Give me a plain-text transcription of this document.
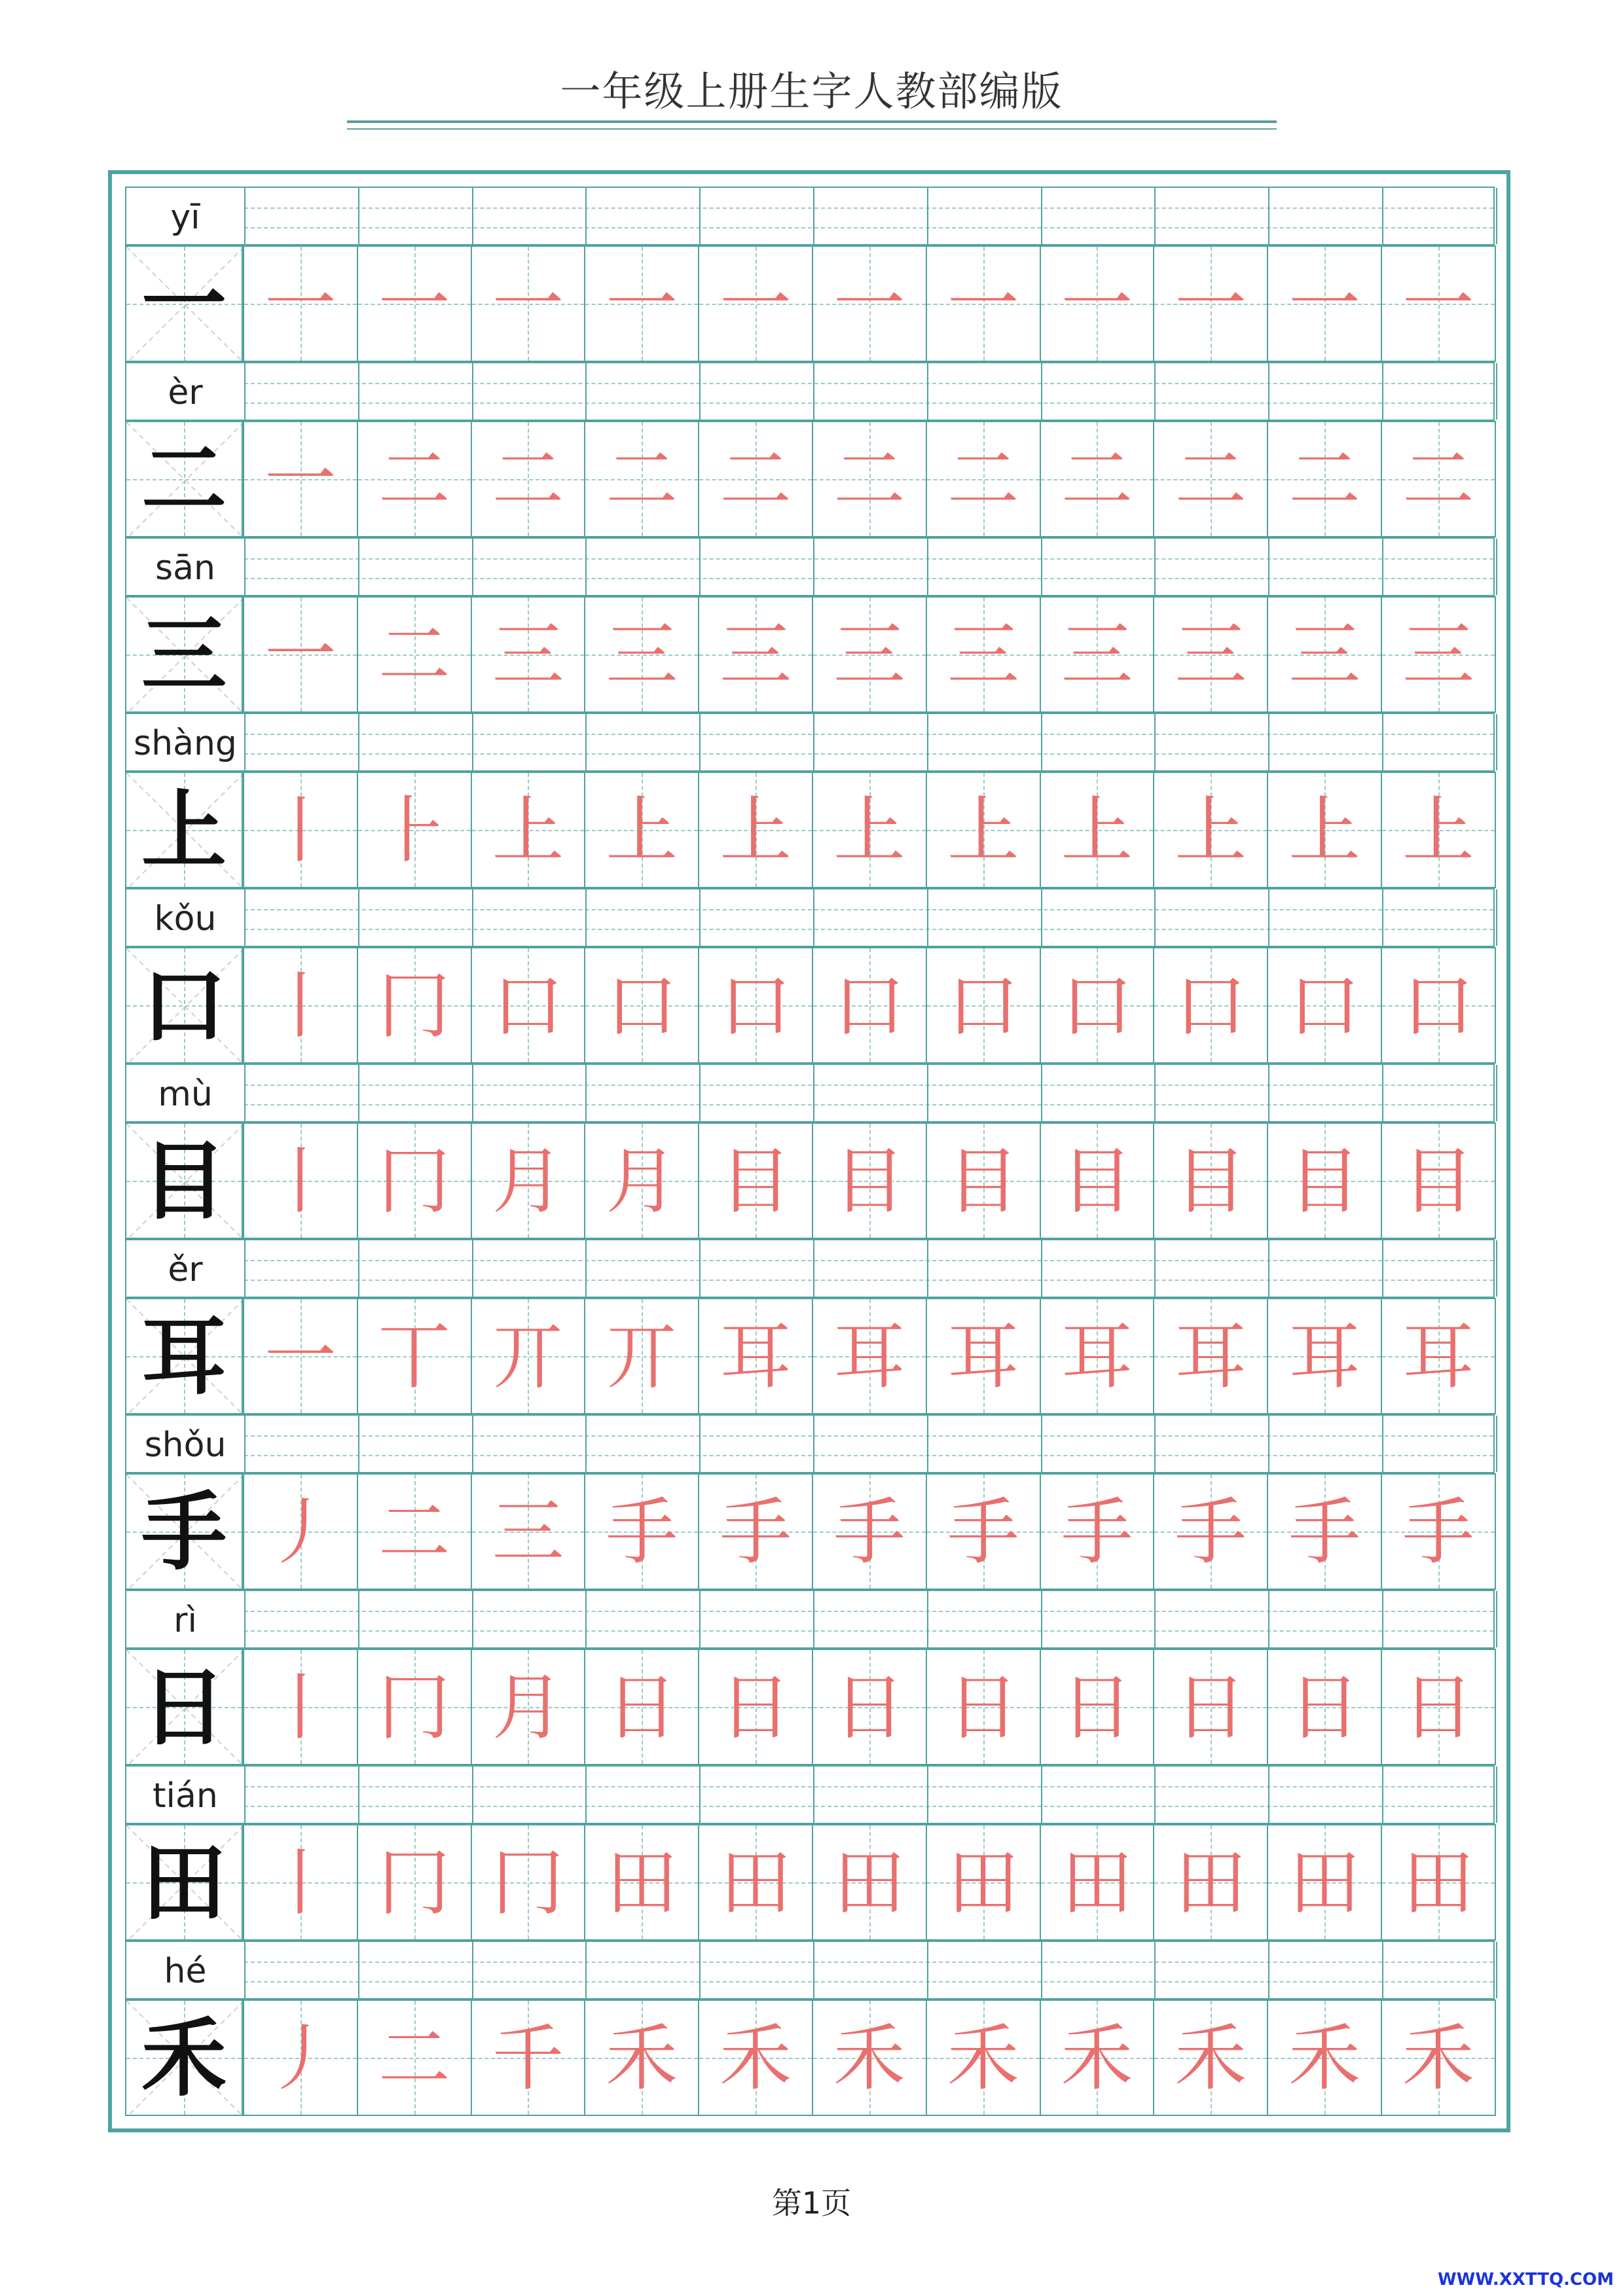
一年级上册生字人教部编版
yī
一 一 一 一 一 一 一 一 一 一 一 一
èr
二 一 二 二 二 二 二 二 二 二 二 二
sān
三 一 二 三 三 三 三 三 三 三 三 三
shàng
上 丨 ⺊ 上 上 上 上 上 上 上 上 上
kǒu
口 丨 冂 口 口 口 口 口 口 口 口 口
mù
目 丨 冂 月 月 目 目 目 目 目 目 目
ěr
耳 一 丅 丌 丌 耳 耳 耳 耳 耳 耳 耳
shǒu
手 丿 二 三 手 手 手 手 手 手 手 手
rì
日 丨 冂 月 日 日 日 日 日 日 日 日
tián
田 丨 冂 冂 田 田 田 田 田 田 田 田
hé
禾 丿 二 千 禾 禾 禾 禾 禾 禾 禾 禾
第1页
WWW.XXTTQ.COM
